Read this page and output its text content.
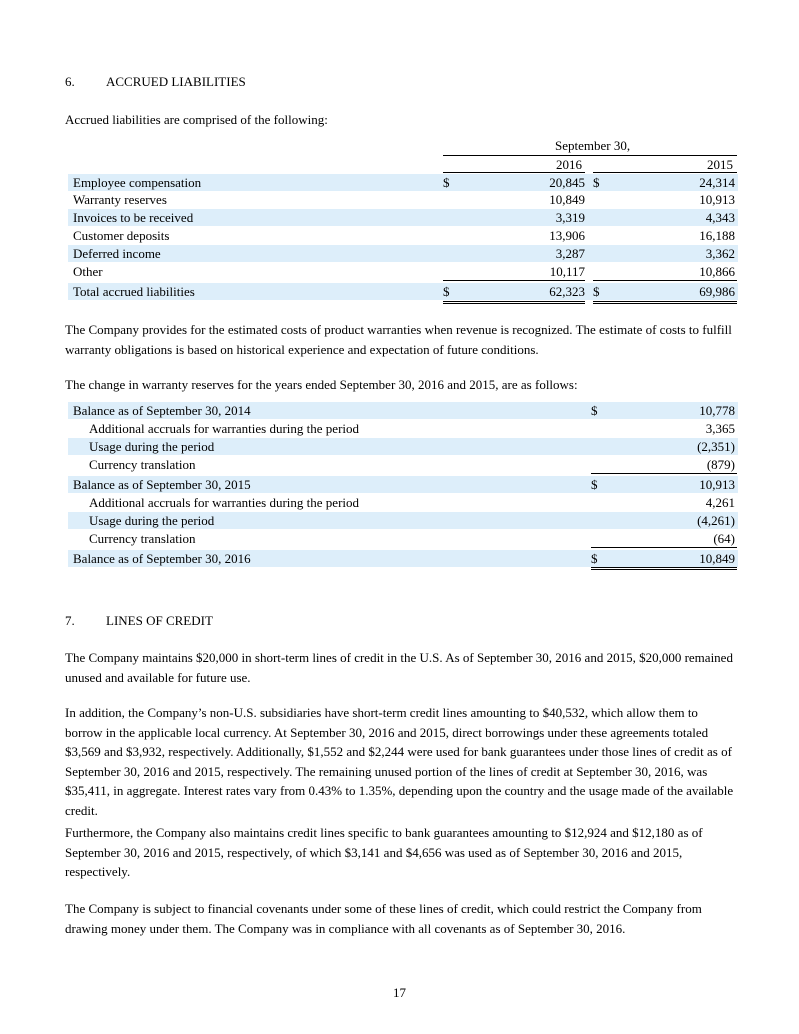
6. ACCRUED LIABILITIES
Accrued liabilities are comprised of the following:
September 30,
2016	2015
Employee compensation	$	20,845 $	24,314
Warranty reserves	10,849	10,913
Invoices to be received	3,319	4,343
Customer deposits	13,906	16,188
Deferred income	3,287	3,362
Other	10,117	10,866
Total accrued liabilities	$	62,323 $	69,986

The Company provides for the estimated costs of product warranties when revenue is recognized. The estimate of costs to fulfill warranty obligations is based on historical experience and expectation of future conditions.

The change in warranty reserves for the years ended September 30, 2016 and 2015, are as follows:

Balance as of September 30, 2014	$	10,778
Additional accruals for warranties during the period	3,365
Usage during the period	(2,351)
Currency translation	(879)
Balance as of September 30, 2015	$	10,913
Additional accruals for warranties during the period	4,261
Usage during the period	(4,261)
Currency translation	(64)
Balance as of September 30, 2016	$	10,849
7. LINES OF CREDIT

The Company maintains $20,000 in short-term lines of credit in the U.S. As of September 30, 2016 and 2015, $20,000 remained unused and available for future use.

In addition, the Company’s non-U.S. subsidiaries have short-term credit lines amounting to $40,532, which allow them to borrow in the applicable local currency. At September 30, 2016 and 2015, direct borrowings under these agreements totaled $3,569 and $3,932, respectively. Additionally, $1,552 and $2,244 were used for bank guarantees under those lines of credit as of September 30, 2016 and 2015, respectively. The remaining unused portion of the lines of credit at September 30, 2016, was $35,411, in aggregate. Interest rates vary from 0.43% to 1.35%, depending upon the country and the usage made of the available credit.

Furthermore, the Company also maintains credit lines specific to bank guarantees amounting to $12,924 and $12,180 as of September 30, 2016 and 2015, respectively, of which $3,141 and $4,656 was used as of September 30, 2016 and 2015, respectively.

The Company is subject to financial covenants under some of these lines of credit, which could restrict the Company from drawing money under them. The Company was in compliance with all covenants as of September 30, 2016.

17
